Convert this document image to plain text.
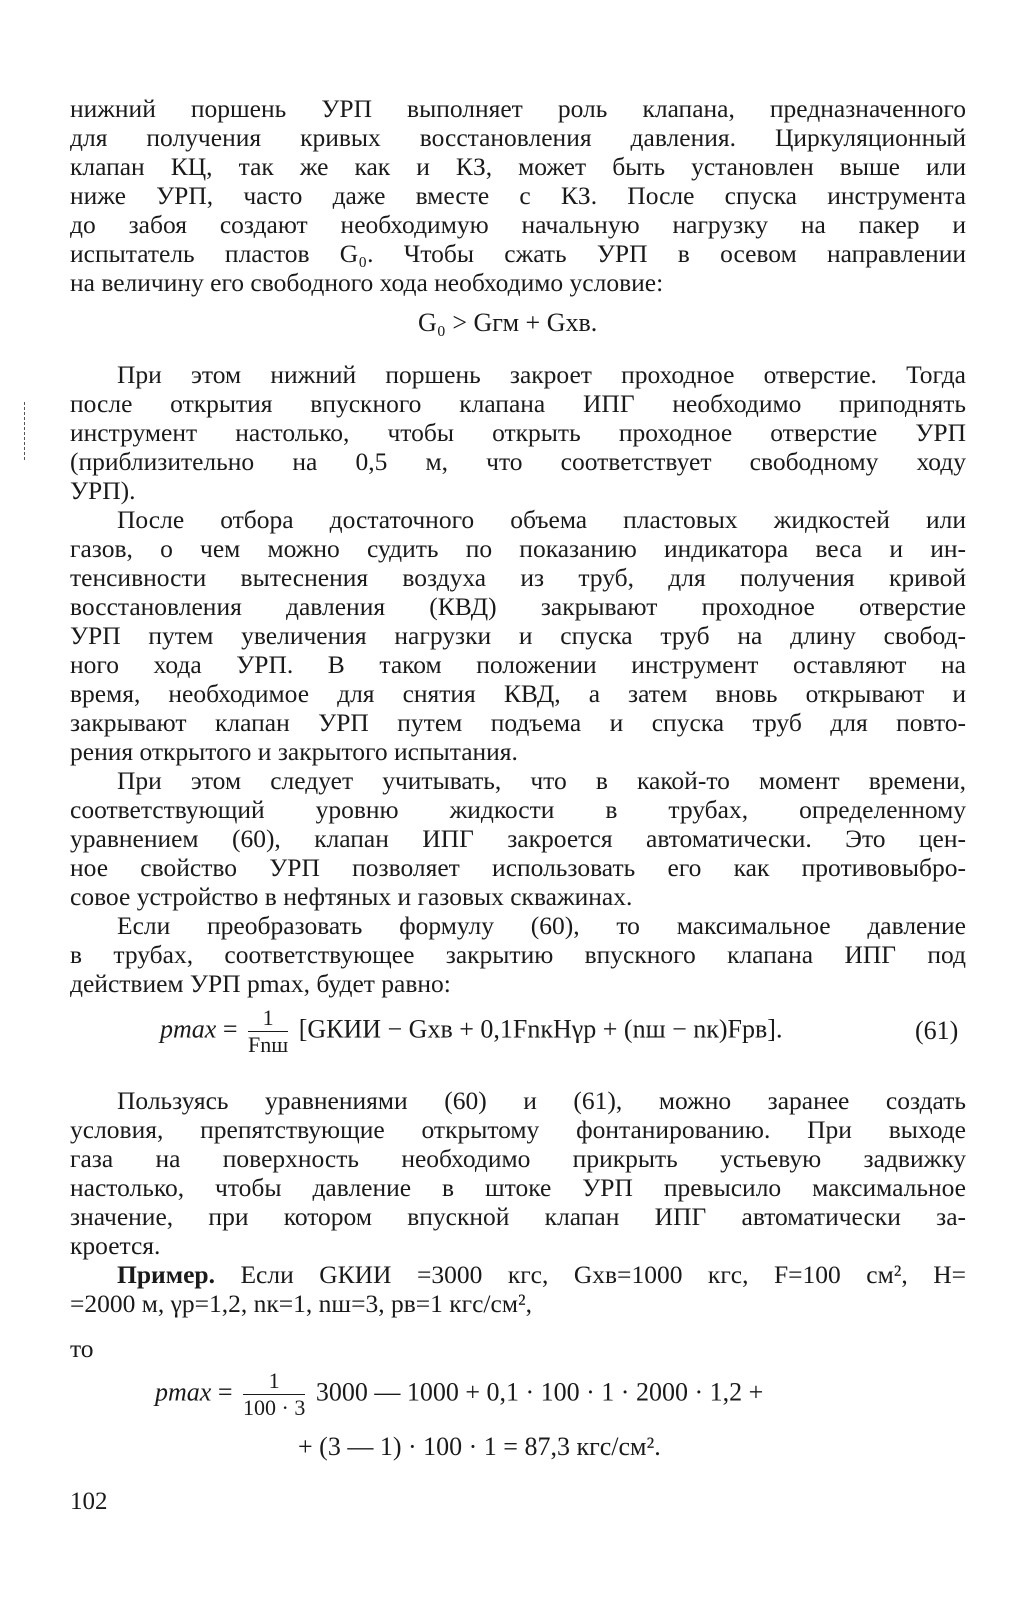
нижний поршень УРП выполняет роль клапана, предназначенного
для получения кривых восстановления давления. Циркуляционный
клапан КЦ, так же как и КЗ, может быть установлен выше или
ниже УРП, часто даже вместе с КЗ. После спуска инструмента
до забоя создают необходимую начальную нагрузку на пакер и
испытатель пластов G₀. Чтобы сжать УРП в осевом направлении
на величину его свободного хода необходимо условие:
G₀ > Gгм + Gхв.
При этом нижний поршень закроет проходное отверстие. Тогда
после открытия впускного клапана ИПГ необходимо приподнять
инструмент настолько, чтобы открыть проходное отверстие УРП
(приблизительно на 0,5 м, что соответствует свободному ходу
УРП).
После отбора достаточного объема пластовых жидкостей или
газов, о чем можно судить по показанию индикатора веса и ин-
тенсивности вытеснения воздуха из труб, для получения кривой
восстановления давления (КВД) закрывают проходное отверстие
УРП путем увеличения нагрузки и спуска труб на длину свобод-
ного хода УРП. В таком положении инструмент оставляют на
время, необходимое для снятия КВД, а затем вновь открывают и
закрывают клапан УРП путем подъема и спуска труб для повто-
рения открытого и закрытого испытания.
При этом следует учитывать, что в какой-то момент времени,
соответствующий уровню жидкости в трубах, определенному
уравнением (60), клапан ИПГ закроется автоматически. Это цен-
ное свойство УРП позволяет использовать его как противовыбро-
совое устройство в нефтяных и газовых скважинах.
Если преобразовать формулу (60), то максимальное давление
в трубах, соответствующее закрытию впускного клапана ИПГ под
действием УРП pmax, будет равно:
$pmax = \frac{1}{\text{Fnш}}$ [GКИИ − Gхв + 0,1FnкHγр + (nш − nк)Fpв].	(61)
Пользуясь уравнениями (60) и (61), можно заранее создать
условия, препятствующие открытому фонтанированию. При выходе
газа на поверхность необходимо прикрыть устьевую задвижку
настолько, чтобы давление в штоке УРП превысило максимальное
значение, при котором впускной клапан ИПГ автоматически за-
кроется.
Пример. Если GКИИ =3000 кгс, Gхв=1000 кгс, F=100 см², H=
=2000 м, γр=1,2, nк=1, nш=3, pв=1 кгс/см²,
то
$pmax = \frac{1}{100 \cdot 3} 3000$ — 1000 + 0,1 · 100 · 1 · 2000 · 1,2 +
+ (3 — 1) · 100 · 1 = 87,3 кгс/см².
102
